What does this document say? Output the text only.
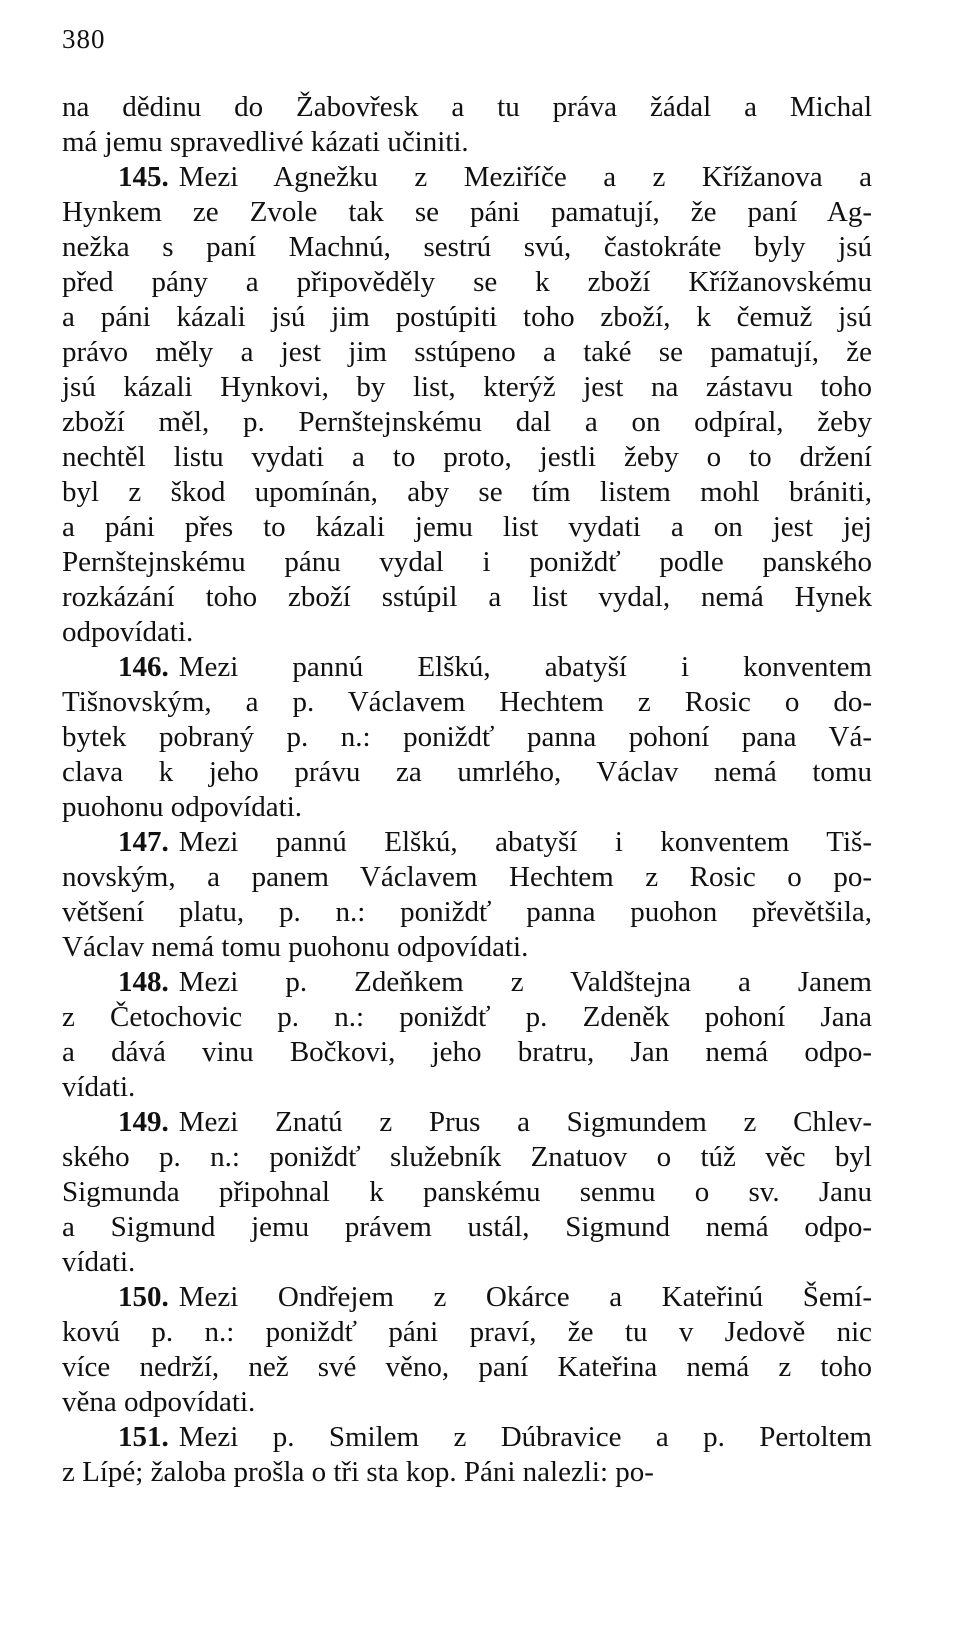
380
na dědinu do Žabovřesk a tu práva žádal a Michal
má jemu spravedlivé kázati učiniti.
145. Mezi Agnežku z Meziříče a z Křížanova a
Hynkem ze Zvole tak se páni pamatují, že paní Ag-
nežka s paní Machnú, sestrú svú, častokráte byly jsú
před pány a připověděly se k zboží Křížanovskému
a páni kázali jsú jim postúpiti toho zboží, k čemuž jsú
právo měly a jest jim sstúpeno a také se pamatují, že
jsú kázali Hynkovi, by list, kterýž jest na zástavu toho
zboží měl, p. Pernštejnskému dal a on odpíral, žeby
nechtěl listu vydati a to proto, jestli žeby o to držení
byl z škod upomínán, aby se tím listem mohl brániti,
a páni přes to kázali jemu list vydati a on jest jej
Pernštejnskému pánu vydal i poniždť podle panského
rozkázání toho zboží sstúpil a list vydal, nemá Hynek
odpovídati.
146. Mezi pannú Elškú, abatyší i konventem
Tišnovským, a p. Václavem Hechtem z Rosic o do-
bytek pobraný p. n.: poniždť panna pohoní pana Vá-
clava k jeho právu za umrlého, Václav nemá tomu
puohonu odpovídati.
147. Mezi pannú Elškú, abatyší i konventem Tiš-
novským, a panem Václavem Hechtem z Rosic o po-
většení platu, p. n.: poniždť panna puohon převětšila,
Václav nemá tomu puohonu odpovídati.
148. Mezi p. Zdeňkem z Valdštejna a Janem
z Četochovic p. n.: poniždť p. Zdeněk pohoní Jana
a dává vinu Bočkovi, jeho bratru, Jan nemá odpo-
vídati.
149. Mezi Znatú z Prus a Sigmundem z Chlev-
ského p. n.: poniždť služebník Znatuov o túž věc byl
Sigmunda připohnal k panskému senmu o sv. Janu
a Sigmund jemu právem ustál, Sigmund nemá odpo-
vídati.
150. Mezi Ondřejem z Okárce a Kateřinú Šemí-
kovú p. n.: poniždť páni praví, že tu v Jedově nic
více nedrží, než své věno, paní Kateřina nemá z toho
věna odpovídati.
151. Mezi p. Smilem z Dúbravice a p. Pertoltem
z Lípé; žaloba prošla o tři sta kop. Páni nalezli: po-
